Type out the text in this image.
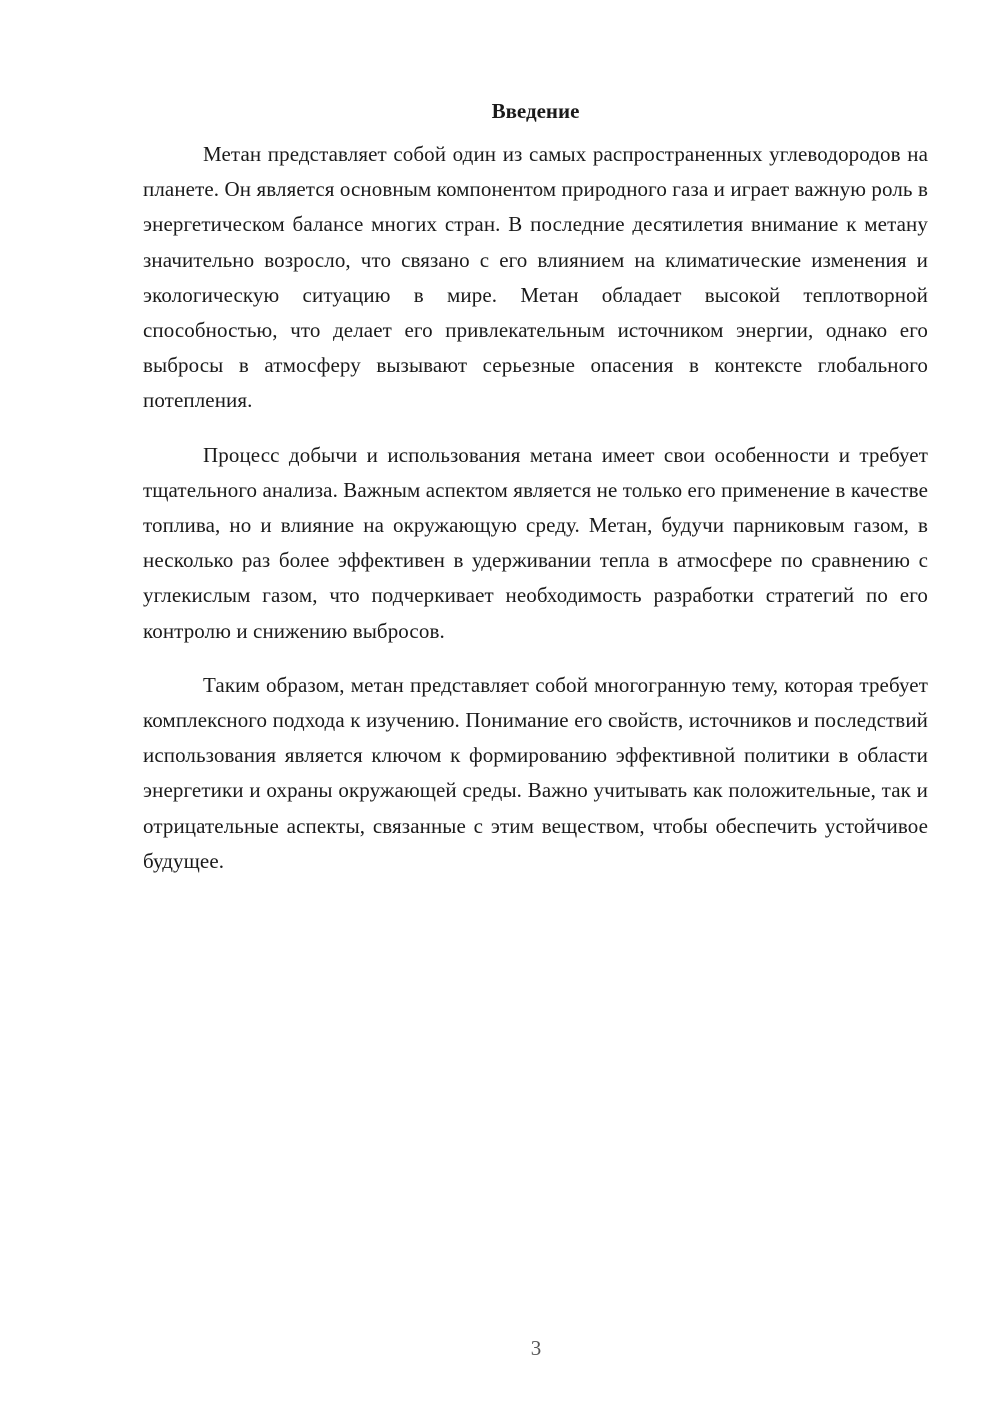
Введение

Метан представляет собой один из самых распространенных углеводородов на планете. Он является основным компонентом природного газа и играет важную роль в энергетическом балансе многих стран. В последние десятилетия внимание к метану значительно возросло, что связано с его влиянием на климатические изменения и экологическую ситуацию в мире. Метан обладает высокой теплотворной способностью, что делает его привлекательным источником энергии, однако его выбросы в атмосферу вызывают серьезные опасения в контексте глобального потепления.

Процесс добычи и использования метана имеет свои особенности и требует тщательного анализа. Важным аспектом является не только его применение в качестве топлива, но и влияние на окружающую среду. Метан, будучи парниковым газом, в несколько раз более эффективен в удерживании тепла в атмосфере по сравнению с углекислым газом, что подчеркивает необходимость разработки стратегий по его контролю и снижению выбросов.

Таким образом, метан представляет собой многогранную тему, которая требует комплексного подхода к изучению. Понимание его свойств, источников и последствий использования является ключом к формированию эффективной политики в области энергетики и охраны окружающей среды. Важно учитывать как положительные, так и отрицательные аспекты, связанные с этим веществом, чтобы обеспечить устойчивое будущее.

3
